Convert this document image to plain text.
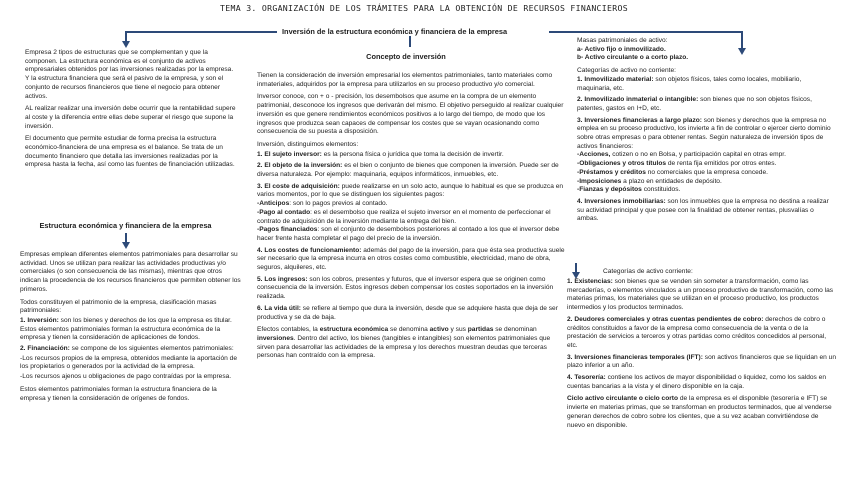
TEMA 3. ORGANIZACIÓN DE LOS TRÁMITES PARA LA OBTENCIÓN DE RECURSOS FINANCIEROS
Inversión de la estructura económica y financiera de la empresa

Empresa 2 tipos de estructuras que se complementan y que la componen. La estructura económica es el conjunto de activos empresariales obtenidos por las inversiones realizadas por la empresa. Y la estructura financiera que será el pasivo de la empresa, y son el conjunto de recursos financieros que tiene el negocio para obtener activos.

AL realizar realizar una inversión debe ocurrir que la rentabilidad supere al coste y la diferencia entre ellas debe superar el riesgo que supone la inversión.

El documento que permite estudiar de forma precisa la estructura económico-financiera de una empresa es el balance. Se trata de un documento financiero que detalla las inversiones realizadas por la empresa hasta la fecha, así como las fuentes de financiación utilizadas.

Estructura económica y financiera de la empresa

Empresas emplean diferentes elementos patrimoniales para desarrollar su actividad. Unos se utilizan para realizar las actividades productivas y/o comerciales (o son consecuencia de las mismas), mientras que otros indican la procedencia de los recursos financieros que permiten obtener los primeros.

Todos constituyen el patrimonio de la empresa, clasificación masas patrimoniales:

1. Inversión: son los bienes y derechos de los que la empresa es titular. Estos elementos patrimoniales forman la estructura económica de la empresa y tienen la consideración de aplicaciones de fondos.

2. Financiación: se compone de los siguientes elementos patrimoniales:

-Los recursos propios de la empresa, obtenidos mediante la aportación de los propietarios o generados por la actividad de la empresa.

-Los recursos ajenos u obligaciones de pago contraídas por la empresa.

Estos elementos patrimoniales forman la estructura financiera de la empresa y tienen la consideración de orígenes de fondos.

Concepto de inversión

Tienen la consideración de inversión empresarial los elementos patrimoniales, tanto materiales como inmateriales, adquiridos por la empresa para utilizarlos en su proceso productivo y/o comercial.

Inversor conoce, con + o - precisión, los desembolsos que asume en la compra de un elemento patrimonial, desconoce los ingresos que derivarán del mismo. El objetivo perseguido al realizar cualquier inversión es que genere rendimientos económicos positivos a lo largo del tiempo, de modo que los ingresos que produzca sean capaces de compensar los costes que se vayan ocasionando como consecuencia de su puesta a disposición.

Inversión, distinguimos elementos:

1. El sujeto inversor: es la persona física o jurídica que toma la decisión de invertir.

2. El objeto de la inversión: es el bien o conjunto de bienes que componen la inversión. Puede ser de diversa naturaleza. Por ejemplo: maquinaria, equipos informáticos, inmuebles, etc.

3. El coste de adquisición: puede realizarse en un solo acto, aunque lo habitual es que se produzca en varios momentos, por lo que se distinguen los siguientes pagos:

-Anticipos: son lo pagos previos al contado.

-Pago al contado: es el desembolso que realiza el sujeto inversor en el momento de perfeccionar el contrato de adquisición de la inversión mediante la entrega del bien.

-Pagos financiados: son el conjunto de desembolsos posteriores al contado a los que el inversor debe hacer frente hasta completar el pago del precio de la inversión.

4. Los costes de funcionamiento: además del pago de la inversión, para que ésta sea productiva suele ser necesario que la empresa incurra en otros costes como combustible, electricidad, mano de obra, seguros, alquileres, etc.

5. Los ingresos: son los cobros, presentes y futuros, que el inversor espera que se originen como consecuencia de la inversión. Estos ingresos deben compensar los costes soportados en la inversión realizada.

6. La vida útil: se refiere al tiempo que dura la inversión, desde que se adquiere hasta que deja de ser productiva y se da de baja.

Efectos contables, la estructura económica se denomina activo y sus partidas se denominan inversiones. Dentro del activo, los bienes (tangibles e intangibles) son elementos patrimoniales que sirven para desarrollar las actividades de la empresa y los derechos muestran deudas que terceras personas han contraído con la empresa.

Masas patrimoniales de activo:

a- Activo fijo o inmovilizado.

b- Activo circulante o a corto plazo.

Categorías de activo no corriente:

1. Inmovilizado material: son objetos físicos, tales como locales, mobiliario, maquinaria, etc.

2. Inmovilizado inmaterial o intangible: son bienes que no son objetos físicos, patentes, gastos en I+D, etc.

3. Inversiones financieras a largo plazo: son bienes y derechos que la empresa no emplea en su proceso productivo, los invierte a fin de controlar o ejercer cierto dominio sobre otras empresas o para obtener rentas. Según naturaleza de inversión tipos de activos financieros:

-Acciones, cotizen o no en Bolsa, y participación capital en otras empr.

-Obligaciones y otros títulos de renta fija emitidos por otros entes.

-Préstamos y créditos no comerciales que la empresa concede.

-Imposiciones a plazo en entidades de depósito.

-Fianzas y depósitos constituidos.

4. Inversiones inmobiliarias: son los inmuebles que la empresa no destina a realizar su actividad principal y que posee con la finalidad de obtener rentas, plusvalías o ambas.

Categorías de activo corriente:

1. Existencias: son bienes que se venden sin someter a transformación, como las mercaderías, o elementos vinculados a un proceso productivo de transformación, como las materias primas, los materiales que se utilizan en el proceso productivo, los productos intermedios y los productos terminados.

2. Deudores comerciales y otras cuentas pendientes de cobro: derechos de cobro o créditos constituidos a favor de la empresa como consecuencia de la venta o de la prestación de servicios a terceros y otras partidas como créditos concedidos al personal, etc.

3. Inversiones financieras temporales (IFT): son activos financieros que se liquidan en un plazo inferior a un año.

4. Tesorería: contiene los activos de mayor disponibilidad o liquidez, como los saldos en cuentas bancarias a la vista y el dinero disponible en la caja.

Ciclo activo circulante o ciclo corto de la empresa es el disponible (tesorería e IFT) se invierte en materias primas, que se transforman en productos terminados, que al venderse generan derechos de cobro sobre los clientes, que a su vez acaban convirtiéndose de nuevo en disponible.
